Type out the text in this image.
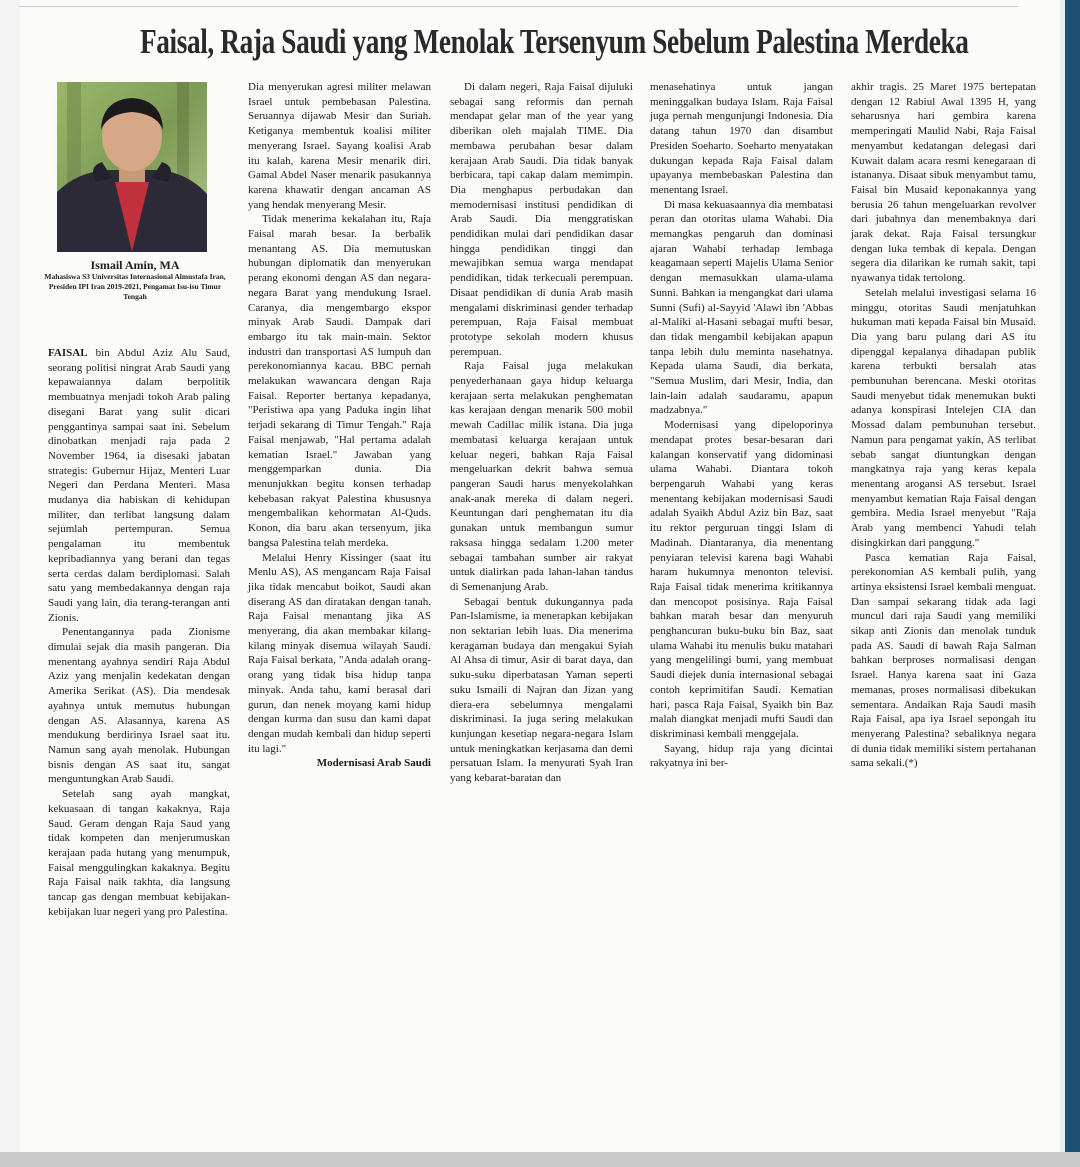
Faisal, Raja Saudi yang Menolak Tersenyum Sebelum Palestina Merdeka
Ismail Amin, MA
Mahasiswa S3 Universitas Internasional Almustafa Iran, Presiden IPI Iran 2019-2021, Pengamat Isu-isu Timur Tengah

FAISAL bin Abdul Aziz Alu Saud, seorang politisi ningrat Arab Saudi yang kepawaiannya dalam berpolitik membuatnya menjadi tokoh Arab paling disegani Barat yang sulit dicari penggantinya sampai saat ini. Sebelum dinobatkan menjadi raja pada 2 November 1964, ia disesaki jabatan strategis: Gubernur Hijaz, Menteri Luar Negeri dan Perdana Menteri. Masa mudanya dia habiskan di kehidupan militer, dan terlibat langsung dalam sejumlah pertempuran. Semua pengalaman itu membentuk kepribadiannya yang berani dan tegas serta cerdas dalam berdiplomasi. Salah satu yang membedakannya dengan raja Saudi yang lain, dia terang-terangan anti Zionis.

Penentangannya pada Zionisme dimulai sejak dia masih pangeran. Dia menentang ayahnya sendiri Raja Abdul Aziz yang menjalin kedekatan dengan Amerika Serikat (AS). Dia mendesak ayahnya untuk memutus hubungan dengan AS. Alasannya, karena AS mendukung berdirinya Israel saat itu. Namun sang ayah menolak. Hubungan bisnis dengan AS saat itu, sangat menguntungkan Arab Saudi.

Setelah sang ayah mangkat, kekuasaan di tangan kakaknya, Raja Saud. Geram dengan Raja Saud yang tidak kompeten dan menjerumuskan kerajaan pada hutang yang menumpuk, Faisal menggulingkan kakaknya. Begitu Raja Faisal naik takhta, dia langsung tancap gas dengan membuat kebijakan-kebijakan luar negeri yang pro Palestina.

Dia menyerukan agresi militer melawan Israel untuk pembebasan Palestina. Seruannya dijawab Mesir dan Suriah. Ketiganya membentuk koalisi militer menyerang Israel. Sayang koalisi Arab itu kalah, karena Mesir menarik diri. Gamal Abdel Naser menarik pasukannya karena khawatir dengan ancaman AS yang hendak menyerang Mesir.

Tidak menerima kekalahan itu, Raja Faisal marah besar. Ia berbalik menantang AS. Dia memutuskan hubungan diplomatik dan menyerukan perang ekonomi dengan AS dan negara-negara Barat yang mendukung Israel. Caranya, dia mengembargo ekspor minyak Arab Saudi. Dampak dari embargo itu tak main-main. Sektor industri dan transportasi AS lumpuh dan perekonomiannya kacau. BBC pernah melakukan wawancara dengan Raja Faisal. Reporter bertanya kepadanya, "Peristiwa apa yang Paduka ingin lihat terjadi sekarang di Timur Tengah." Raja Faisal menjawab, "Hal pertama adalah kematian Israel." Jawaban yang menggemparkan dunia. Dia menunjukkan begitu konsen terhadap kebebasan rakyat Palestina khususnya mengembalikan kehormatan Al-Quds. Konon, dia baru akan tersenyum, jika bangsa Palestina telah merdeka.

Melalui Henry Kissinger (saat itu Menlu AS), AS mengancam Raja Faisal jika tidak mencabut boikot, Saudi akan diserang AS dan diratakan dengan tanah. Raja Faisal menantang jika AS menyerang, dia akan membakar kilang-kilang minyak disemua wilayah Saudi. Raja Faisal berkata, "Anda adalah orang-orang yang tidak bisa hidup tanpa minyak. Anda tahu, kami berasal dari gurun, dan nenek moyang kami hidup dengan kurma dan susu dan kami dapat dengan mudah kembali dan hidup seperti itu lagi."

Modernisasi Arab Saudi

Di dalam negeri, Raja Faisal dijuluki sebagai sang reformis dan pernah mendapat gelar man of the year yang diberikan oleh majalah TIME. Dia membawa perubahan besar dalam kerajaan Arab Saudi. Dia tidak banyak berbicara, tapi cakap dalam memimpin. Dia menghapus perbudakan dan memodernisasi institusi pendidikan di Arab Saudi. Dia menggratiskan pendidikan mulai dari pendidikan dasar hingga pendidikan tinggi dan mewajibkan semua warga mendapat pendidikan, tidak terkecuali perempuan. Disaat pendidikan di dunia Arab masih mengalami diskriminasi gender terhadap perempuan, Raja Faisal membuat prototype sekolah modern khusus perempuan.

Raja Faisal juga melakukan penyederhanaan gaya hidup keluarga kerajaan serta melakukan penghematan kas kerajaan dengan menarik 500 mobil mewah Cadillac milik istana. Dia juga membatasi keluarga kerajaan untuk keluar negeri, bahkan Raja Faisal mengeluarkan dekrit bahwa semua pangeran Saudi harus menyekolahkan anak-anak mereka di dalam negeri. Keuntungan dari penghematan itu dia gunakan untuk membangun sumur raksasa hingga sedalam 1.200 meter sebagai tambahan sumber air rakyat untuk dialirkan pada lahan-lahan tandus di Semenanjung Arab.

Sebagai bentuk dukungannya pada Pan-Islamisme, ia menerapkan kebijakan non sektarian lebih luas. Dia menerima keragaman budaya dan mengakui Syiah Al Ahsa di timur, Asir di barat daya, dan suku-suku diperbatasan Yaman seperti suku Ismaili di Najran dan Jizan yang diera-era sebelumnya mengalami diskriminasi. Ia juga sering melakukan kunjungan kesetiap negara-negara Islam untuk meningkatkan kerjasama dan demi persatuan Islam. Ia menyurati Syah Iran yang kebarat-baratan dan

menasehatinya untuk jangan meninggalkan budaya Islam. Raja Faisal juga pernah mengunjungi Indonesia. Dia datang tahun 1970 dan disambut Presiden Soeharto. Soeharto menyatakan dukungan kepada Raja Faisal dalam upayanya membebaskan Palestina dan menentang Israel.

Di masa kekuasaannya dia membatasi peran dan otoritas ulama Wahabi. Dia memangkas pengaruh dan dominasi ajaran Wahabi terhadap lembaga keagamaan seperti Majelis Ulama Senior dengan memasukkan ulama-ulama Sunni. Bahkan ia mengangkat dari ulama Sunni (Sufi) al-Sayyid 'Alawi ibn 'Abbas al-Maliki al-Hasani sebagai mufti besar, dan tidak mengambil kebijakan apapun tanpa lebih dulu meminta nasehatnya. Kepada ulama Saudi, dia berkata, "Semua Muslim, dari Mesir, India, dan lain-lain adalah saudaramu, apapun madzabnya."

Modernisasi yang dipeloporinya mendapat protes besar-besaran dari kalangan konservatif yang didominasi ulama Wahabi. Diantara tokoh berpengaruh Wahabi yang keras menentang kebijakan modernisasi Saudi adalah Syaikh Abdul Aziz bin Baz, saat itu rektor perguruan tinggi Islam di Madinah. Diantaranya, dia menentang penyiaran televisi karena bagi Wahabi haram hukumnya menonton televisi. Raja Faisal tidak menerima kritikannya dan mencopot posisinya. Raja Faisal bahkan marah besar dan menyuruh penghancuran buku-buku bin Baz, saat ulama Wahabi itu menulis buku matahari yang mengelilingi bumi, yang membuat Saudi diejek dunia internasional sebagai contoh keprimitifan Saudi. Kematian hari, pasca Raja Faisal, Syaikh bin Baz malah diangkat menjadi mufti Saudi dan diskriminasi kembali menggejala.

Sayang, hidup raja yang dicintai rakyatnya ini ber-

akhir tragis. 25 Maret 1975 bertepatan dengan 12 Rabiul Awal 1395 H, yang seharusnya hari gembira karena memperingati Maulid Nabi, Raja Faisal menyambut kedatangan delegasi dari Kuwait dalam acara resmi kenegaraan di istananya. Disaat sibuk menyambut tamu, Faisal bin Musaid keponakannya yang berusia 26 tahun mengeluarkan revolver dari jubahnya dan menembaknya dari jarak dekat. Raja Faisal tersungkur dengan luka tembak di kepala. Dengan segera dia dilarikan ke rumah sakit, tapi nyawanya tidak tertolong.

Setelah melalui investigasi selama 16 minggu, otoritas Saudi menjatuhkan hukuman mati kepada Faisal bin Musaid. Dia yang baru pulang dari AS itu dipenggal kepalanya dihadapan publik karena terbukti bersalah atas pembunuhan berencana. Meski otoritas Saudi menyebut tidak menemukan bukti adanya konspirasi Intelejen CIA dan Mossad dalam pembunuhan tersebut. Namun para pengamat yakin, AS terlibat sebab sangat diuntungkan dengan mangkatnya raja yang keras kepala menentang arogansi AS tersebut. Israel menyambut kematian Raja Faisal dengan gembira. Media Israel menyebut "Raja Arab yang membenci Yahudi telah disingkirkan dari panggung."

Pasca kematian Raja Faisal, perekonomian AS kembali pulih, yang artinya eksistensi Israel kembali menguat. Dan sampai sekarang tidak ada lagi muncul dari raja Saudi yang memiliki sikap anti Zionis dan menolak tunduk pada AS. Saudi di bawah Raja Salman bahkan berproses normalisasi dengan Israel. Hanya karena saat ini Gaza memanas, proses normalisasi dibekukan sementara. Andaikan Raja Saudi masih Raja Faisal, apa iya Israel sepongah itu menyerang Palestina? sebaliknya negara di dunia tidak memiliki sistem pertahanan sama sekali.(*)
